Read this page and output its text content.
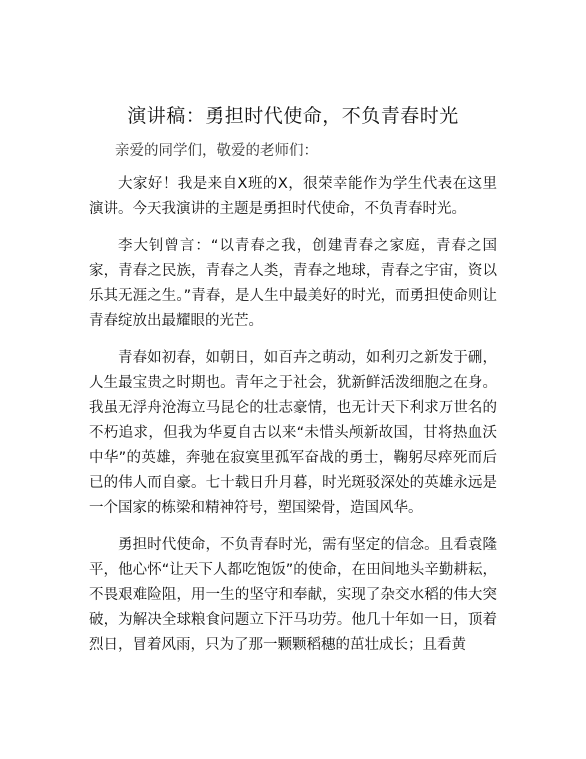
演讲稿：勇担时代使命，不负青春时光

亲爱的同学们，敬爱的老师们：

大家好！我是来自X班的X，很荣幸能作为学生代表在这里演讲。今天我演讲的主题是勇担时代使命，不负青春时光。

李大钊曾言：“以青春之我，创建青春之家庭，青春之国家，青春之民族，青春之人类，青春之地球，青春之宇宙，资以乐其无涯之生。”青春，是人生中最美好的时光，而勇担使命则让青春绽放出最耀眼的光芒。

青春如初春，如朝日，如百卉之萌动，如利刃之新发于硎，人生最宝贵之时期也。青年之于社会，犹新鲜活泼细胞之在身。我虽无浮舟沧海立马昆仑的壮志豪情，也无计天下利求万世名的不朽追求，但我为华夏自古以来“未惜头颅新故国，甘将热血沃中华”的英雄，奔驰在寂寞里孤军奋战的勇士，鞠躬尽瘁死而后已的伟人而自豪。七十载日升月暮，时光斑驳深处的英雄永远是一个国家的栋梁和精神符号，塑国梁骨，造国风华。

勇担时代使命，不负青春时光，需有坚定的信念。且看袁隆平，他心怀“让天下人都吃饱饭”的使命，在田间地头辛勤耕耘，不畏艰难险阻，用一生的坚守和奉献，实现了杂交水稻的伟大突破，为解决全球粮食问题立下汗马功劳。他几十年如一日，顶着烈日，冒着风雨，只为了那一颗颗稻穗的茁壮成长；且看黄
